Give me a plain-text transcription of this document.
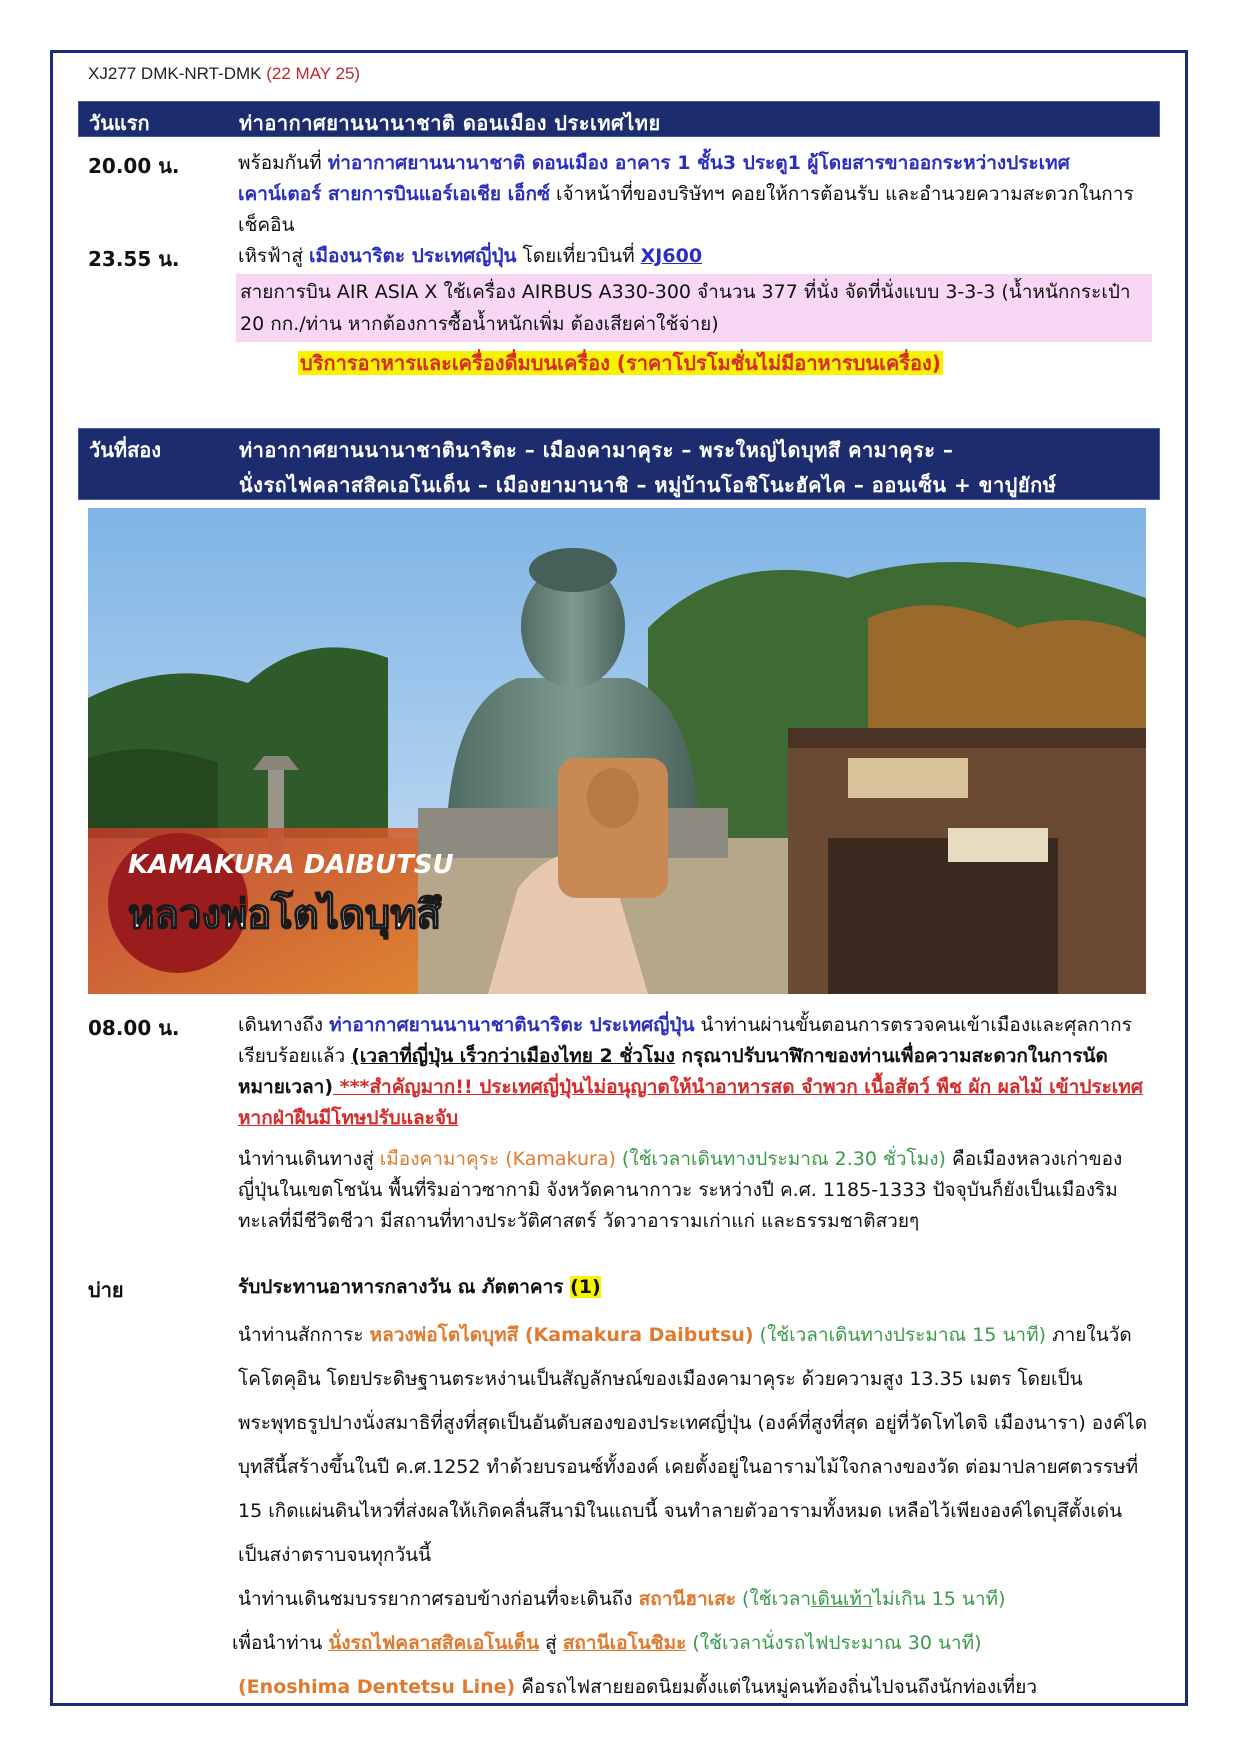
XJ277 DMK-NRT-DMK (22 MAY 25)
วันแรก	ท่าอากาศยานนานาชาติ ดอนเมือง ประเทศไทย
20.00 น.	พร้อมกันที่ ท่าอากาศยานนานาชาติ ดอนเมือง อาคาร 1 ชั้น3 ประตู1 ผู้โดยสารขาออกระหว่างประเทศ เคาน์เตอร์ สายการบินแอร์เอเชีย เอ็กซ์ เจ้าหน้าที่ของบริษัทฯ คอยให้การต้อนรับ และอำนวยความสะดวกในการเช็คอิน
23.55 น.	เหิรฟ้าสู่ เมืองนาริตะ ประเทศญี่ปุ่น โดยเที่ยวบินที่ XJ600
สายการบิน AIR ASIA X ใช้เครื่อง AIRBUS A330-300 จำนวน 377 ที่นั่ง จัดที่นั่งแบบ 3-3-3 (น้ำหนักกระเป๋า 20 กก./ท่าน หากต้องการซื้อน้ำหนักเพิ่ม ต้องเสียค่าใช้จ่าย)
บริการอาหารและเครื่องดื่มบนเครื่อง (ราคาโปรโมชั่นไม่มีอาหารบนเครื่อง)
วันที่สอง	ท่าอากาศยานนานาชาตินาริตะ – เมืองคามาคุระ – พระใหญ่ไดบุทสึ คามาคุระ –
นั่งรถไฟคลาสสิคเอโนเด็น – เมืองยามานาชิ – หมู่บ้านโอชิโนะฮัคไค – ออนเซ็น + ขาปูยักษ์
KAMAKURA DAIBUTSU
หลวงพ่อโตไดบุทสึ
08.00 น.	เดินทางถึง ท่าอากาศยานนานาชาตินาริตะ ประเทศญี่ปุ่น นำท่านผ่านขั้นตอนการตรวจคนเข้าเมืองและศุลกากร เรียบร้อยแล้ว (เวลาที่ญี่ปุ่น เร็วกว่าเมืองไทย 2 ชั่วโมง กรุณาปรับนาฬิกาของท่านเพื่อความสะดวกในการนัดหมายเวลา) ***สำคัญมาก!! ประเทศญี่ปุ่นไม่อนุญาตให้นำอาหารสด จำพวก เนื้อสัตว์ พืช ผัก ผลไม้ เข้าประเทศ หากฝ่าฝืนมีโทษปรับและจับ
นำท่านเดินทางสู่ เมืองคามาคุระ (Kamakura) (ใช้เวลาเดินทางประมาณ 2.30 ชั่วโมง) คือเมืองหลวงเก่าของญี่ปุ่นในเขตโชนัน พื้นที่ริมอ่าวซากามิ จังหวัดคานากาวะ ระหว่างปี ค.ศ. 1185-1333 ปัจจุบันก็ยังเป็นเมืองริมทะเลที่มีชีวิตชีวา มีสถานที่ทางประวัติศาสตร์ วัดวาอารามเก่าแก่ และธรรมชาติสวยๆ
บ่าย	รับประทานอาหารกลางวัน ณ ภัตตาคาร (1)
นำท่านสักการะ หลวงพ่อโตไดบุทสึ (Kamakura Daibutsu) (ใช้เวลาเดินทางประมาณ 15 นาที) ภายในวัดโคโตคุอิน โดยประดิษฐานตระหง่านเป็นสัญลักษณ์ของเมืองคามาคุระ ด้วยความสูง 13.35 เมตร โดยเป็นพระพุทธรูปปางนั่งสมาธิที่สูงที่สุดเป็นอันดับสองของประเทศญี่ปุ่น (องค์ที่สูงที่สุด อยู่ที่วัดโทไดจิ เมืองนารา) องค์ไดบุทสึนี้สร้างขึ้นในปี ค.ศ.1252 ทำด้วยบรอนซ์ทั้งองค์ เคยตั้งอยู่ในอารามไม้ใจกลางของวัด ต่อมาปลายศตวรรษที่ 15 เกิดแผ่นดินไหวที่ส่งผลให้เกิดคลื่นสึนามิในแถบนี้ จนทำลายตัวอารามทั้งหมด เหลือไว้เพียงองค์ไดบุสึตั้งเด่นเป็นสง่าตราบจนทุกวันนี้
นำท่านเดินชมบรรยากาศรอบข้างก่อนที่จะเดินถึง สถานีฮาเสะ (ใช้เวลาเดินเท้าไม่เกิน 15 นาที)
เพื่อนำท่าน นั่งรถไฟคลาสสิคเอโนเด็น สู่ สถานีเอโนชิมะ (ใช้เวลานั่งรถไฟประมาณ 30 นาที)
(Enoshima Dentetsu Line) คือรถไฟสายยอดนิยมตั้งแต่ในหมู่คนท้องถิ่นไปจนถึงนักท่องเที่ยว
